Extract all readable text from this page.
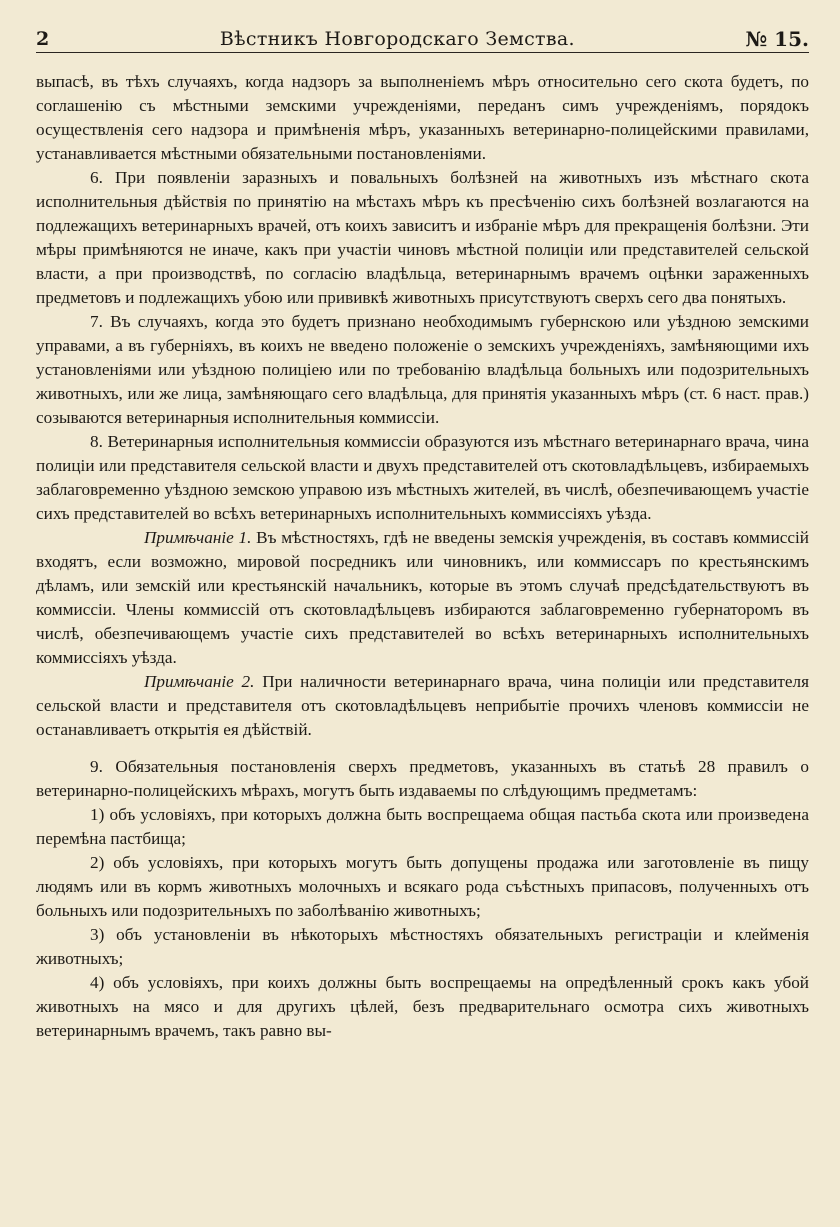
2	Вѣстникъ Новгородскаго Земства.	№ 15.

выпасѣ, въ тѣхъ случаяхъ, когда надзоръ за выполненіемъ мѣръ относительно сего скота будетъ, по соглашенію съ мѣстными земскими учрежденіями, переданъ симъ учрежденіямъ, порядокъ осуществленія сего надзора и примѣненія мѣръ, указанныхъ ветеринарно-полицейскими правилами, устанавливается мѣстными обязательными постановленіями.

6. При появленіи заразныхъ и повальныхъ болѣзней на животныхъ изъ мѣстнаго скота исполнительныя дѣйствія по принятію на мѣстахъ мѣръ къ пресѣченію сихъ болѣзней возлагаются на подлежащихъ ветеринарныхъ врачей, отъ коихъ зависитъ и избраніе мѣръ для прекращенія болѣзни. Эти мѣры примѣняются не иначе, какъ при участіи чиновъ мѣстной полиціи или представителей сельской власти, а при производствѣ, по согласію владѣльца, ветеринарнымъ врачемъ оцѣнки зараженныхъ предметовъ и подлежащихъ убою или прививкѣ животныхъ присутствуютъ сверхъ сего два понятыхъ.

7. Въ случаяхъ, когда это будетъ признано необходимымъ губернскою или уѣздною земскими управами, а въ губерніяхъ, въ коихъ не введено положеніе о земскихъ учрежденіяхъ, замѣняющими ихъ установленіями или уѣздною полиціею или по требованію владѣльца больныхъ или подозрительныхъ животныхъ, или же лица, замѣняющаго сего владѣльца, для принятія указанныхъ мѣръ (ст. 6 наст. прав.) созываются ветеринарныя исполнительныя коммиссіи.

8. Ветеринарныя исполнительныя коммиссіи образуются изъ мѣстнаго ветеринарнаго врача, чина полиціи или представителя сельской власти и двухъ представителей отъ скотовладѣльцевъ, избираемыхъ заблаговременно уѣздною земскою управою изъ мѣстныхъ жителей, въ числѣ, обезпечивающемъ участіе сихъ представителей во всѣхъ ветеринарныхъ исполнительныхъ коммиссіяхъ уѣзда.

Примѣчаніе 1. Въ мѣстностяхъ, гдѣ не введены земскія учрежденія, въ составъ коммиссій входятъ, если возможно, мировой посредникъ или чиновникъ, или коммиссаръ по крестьянскимъ дѣламъ, или земскій или крестьянскій начальникъ, которые въ этомъ случаѣ предсѣдательствуютъ въ коммиссіи. Члены коммиссій отъ скотовладѣльцевъ избираются заблаговременно губернаторомъ въ числѣ, обезпечивающемъ участіе сихъ представителей во всѣхъ ветеринарныхъ исполнительныхъ коммиссіяхъ уѣзда.

Примѣчаніе 2. При наличности ветеринарнаго врача, чина полиціи или представителя сельской власти и представителя отъ скотовладѣльцевъ неприбытіе прочихъ членовъ коммиссіи не останавливаетъ открытія ея дѣйствій.

9. Обязательныя постановленія сверхъ предметовъ, указанныхъ въ статьѣ 28 правилъ о ветеринарно-полицейскихъ мѣрахъ, могутъ быть издаваемы по слѣдующимъ предметамъ:

1) объ условіяхъ, при которыхъ должна быть воспрещаема общая пастьба скота или произведена перемѣна пастбища;

2) объ условіяхъ, при которыхъ могутъ быть допущены продажа или заготовленіе въ пищу людямъ или въ кормъ животныхъ молочныхъ и всякаго рода съѣстныхъ припасовъ, полученныхъ отъ больныхъ или подозрительныхъ по заболѣванію животныхъ;

3) объ установленіи въ нѣкоторыхъ мѣстностяхъ обязательныхъ регистраціи и клейменія животныхъ;

4) объ условіяхъ, при коихъ должны быть воспрещаемы на опредѣленный срокъ какъ убой животныхъ на мясо и для другихъ цѣлей, безъ предварительнаго осмотра сихъ животныхъ ветеринарнымъ врачемъ, такъ равно вы-
